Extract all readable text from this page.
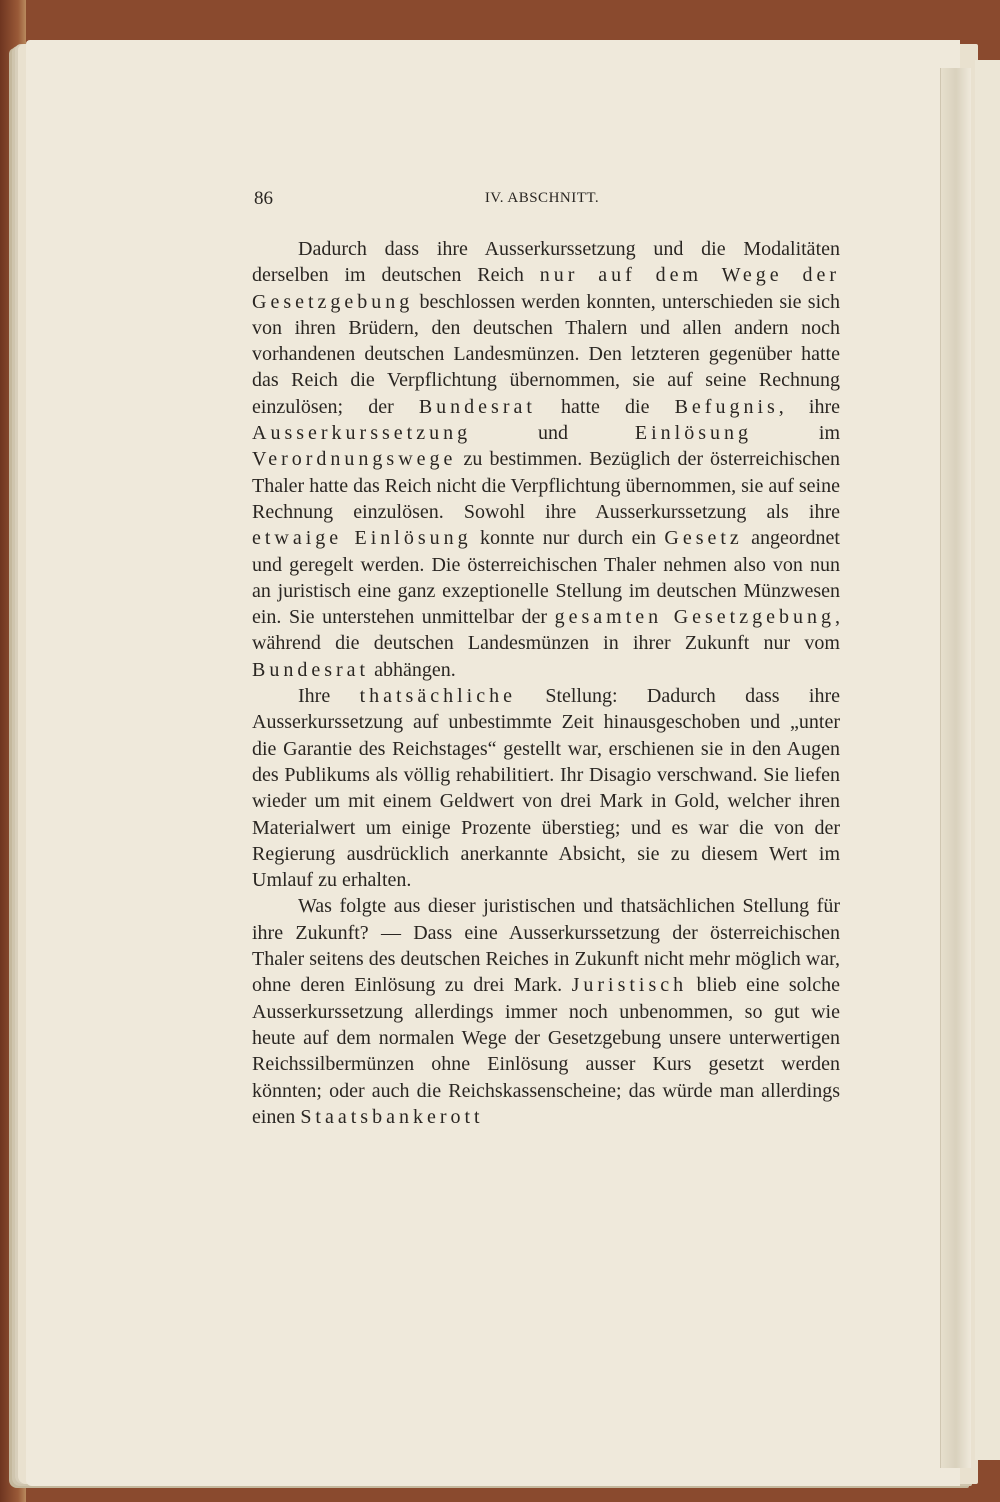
86	IV. ABSCHNITT.

Dadurch dass ihre Ausserkurssetzung und die Modalitäten derselben im deutschen Reich nur auf dem Wege der Gesetzgebung beschlossen werden konnten, unterschieden sie sich von ihren Brüdern, den deutschen Thalern und allen andern noch vorhandenen deutschen Landesmünzen. Den letzteren gegenüber hatte das Reich die Verpflichtung übernommen, sie auf seine Rechnung einzulösen; der Bundesrat hatte die Befugnis, ihre Ausserkurssetzung und Einlösung im Verordnungswege zu bestimmen. Bezüglich der österreichischen Thaler hatte das Reich nicht die Verpflichtung übernommen, sie auf seine Rechnung einzulösen. Sowohl ihre Ausserkurssetzung als ihre etwaige Einlösung konnte nur durch ein Gesetz angeordnet und geregelt werden. Die österreichischen Thaler nehmen also von nun an juristisch eine ganz exzeptionelle Stellung im deutschen Münzwesen ein. Sie unterstehen unmittelbar der gesamten Gesetzgebung, während die deutschen Landesmünzen in ihrer Zukunft nur vom Bundesrat abhängen.

Ihre thatsächliche Stellung: Dadurch dass ihre Ausserkurssetzung auf unbestimmte Zeit hinausgeschoben und „unter die Garantie des Reichstages“ gestellt war, erschienen sie in den Augen des Publikums als völlig rehabilitiert. Ihr Disagio verschwand. Sie liefen wieder um mit einem Geldwert von drei Mark in Gold, welcher ihren Materialwert um einige Prozente überstieg; und es war die von der Regierung ausdrücklich anerkannte Absicht, sie zu diesem Wert im Umlauf zu erhalten.

Was folgte aus dieser juristischen und thatsächlichen Stellung für ihre Zukunft? — Dass eine Ausserkurssetzung der österreichischen Thaler seitens des deutschen Reiches in Zukunft nicht mehr möglich war, ohne deren Einlösung zu drei Mark. Juristisch blieb eine solche Ausserkurssetzung allerdings immer noch unbenommen, so gut wie heute auf dem normalen Wege der Gesetzgebung unsere unterwertigen Reichssilbermünzen ohne Einlösung ausser Kurs gesetzt werden könnten; oder auch die Reichskassenscheine; das würde man allerdings einen Staatsbankerott
